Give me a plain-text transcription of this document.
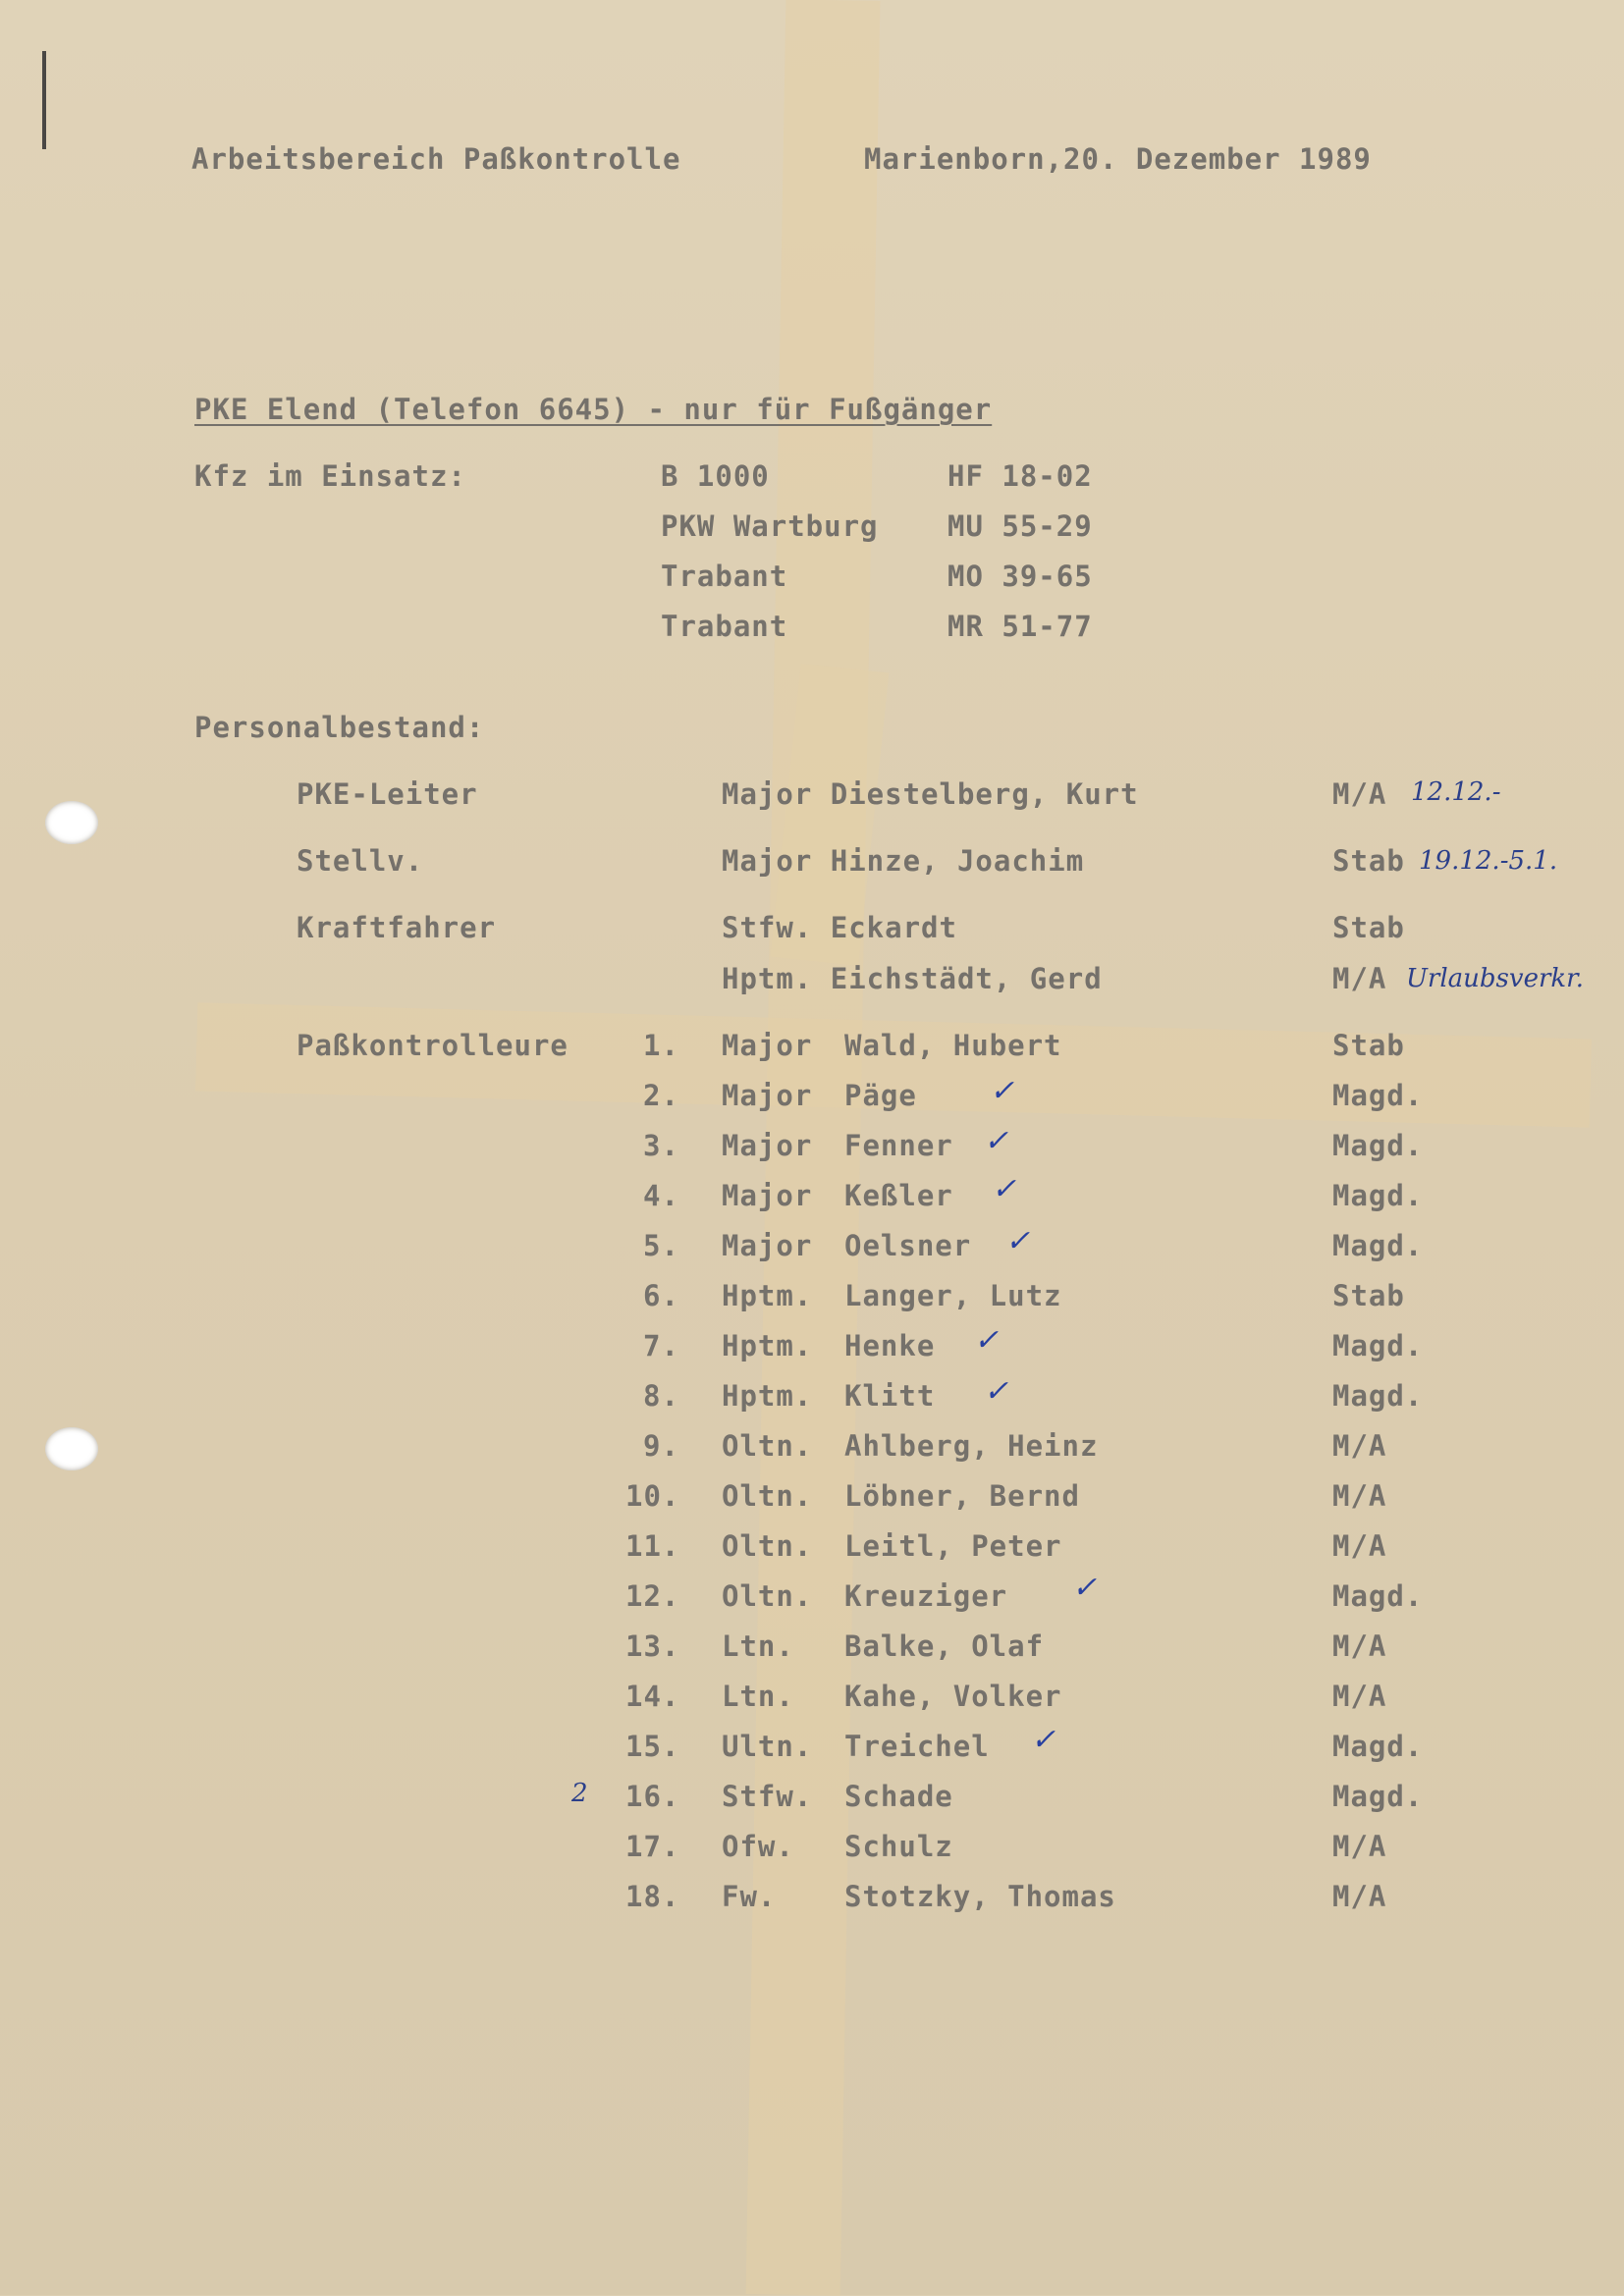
Arbeitsbereich Paßkontrolle	Marienborn,20. Dezember 1989
PKE Elend (Telefon 6645) - nur für Fußgänger
Kfz im Einsatz:	B 1000	HF 18-02
PKW Wartburg MU 55-29
Trabant	MO 39-65
Trabant	MR 51-77
Personalbestand:
PKE-Leiter	Major Diestelberg, Kurt	M/A 12.12.-
Stellv.	Major Hinze, Joachim	Stab 19.12.-5.1.
Kraftfahrer	Stfw. Eckardt	Stab
Hptm. Eichstädt, Gerd	M/A Urlaubsverkr.
Paßkontrolleure	1. Major Wald, Hubert	Stab
2. Major Päge ✓	Magd.
3. Major Fenner ✓	Magd.
4. Major Keßler ✓	Magd.
5. Major Oelsner ✓	Magd.
6. Hptm. Langer, Lutz	Stab
7. Hptm. Henke ✓	Magd.
8. Hptm. Klitt ✓	Magd.
9. Oltn. Ahlberg, Heinz	M/A
10. Oltn. Löbner, Bernd	M/A
11. Oltn. Leitl, Peter	M/A
12. Oltn. Kreuziger ✓	Magd.
13. Ltn. Balke, Olaf	M/A
14. Ltn. Kahe, Volker	M/A
15. Ultn. Treichel ✓	Magd.
2 16. Stfw. Schade	Magd.
17. Ofw. Schulz	M/A
18. Fw. Stotzky, Thomas	M/A
